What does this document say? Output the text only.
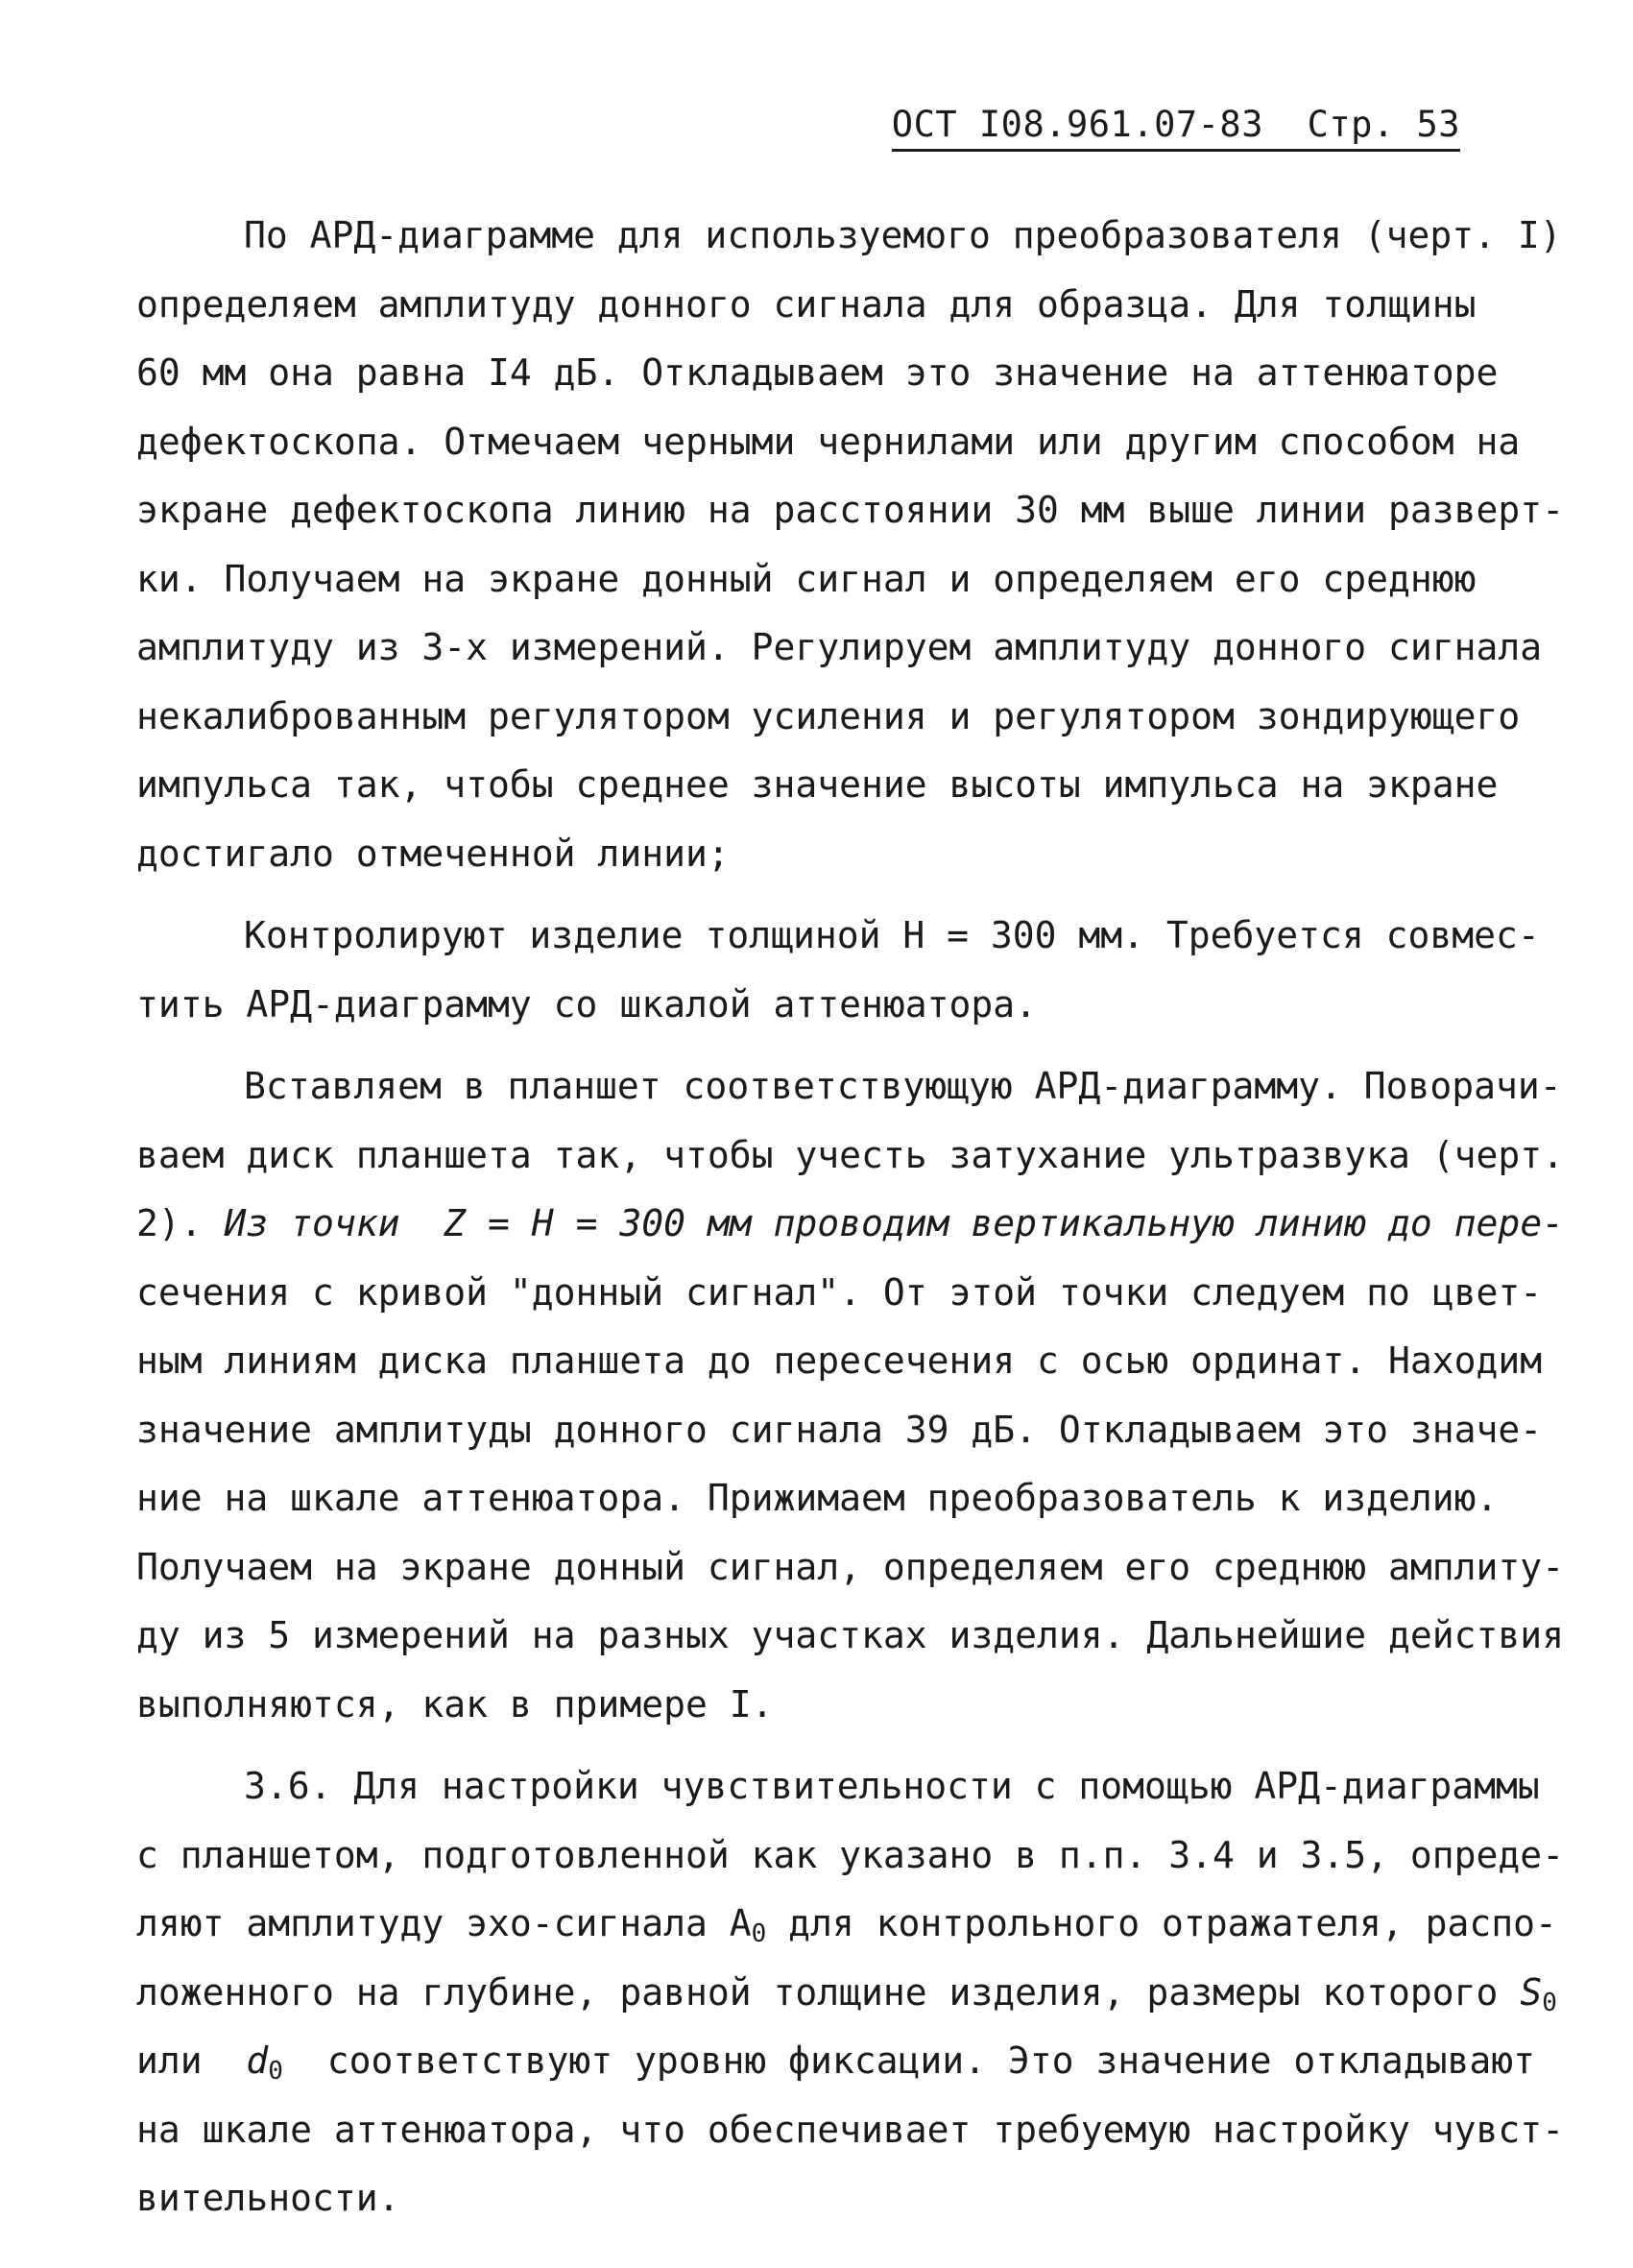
ОСТ I08.961.07-83 Стр. 53
По АРД-диаграмме для используемого преобразователя (черт. I)
определяем амплитуду донного сигнала для образца. Для толщины
60 мм она равна I4 дБ. Откладываем это значение на аттенюаторе
дефектоскопа. Отмечаем черными чернилами или другим способом на
экране дефектоскопа линию на расстоянии 30 мм выше линии разверт-
ки. Получаем на экране донный сигнал и определяем его среднюю
амплитуду из 3-х измерений. Регулируем амплитуду донного сигнала
некалиброванным регулятором усиления и регулятором зондирующего
импульса так, чтобы среднее значение высоты импульса на экране
достигало отмеченной линии;
Контролируют изделие толщиной Н = 300 мм. Требуется совмес-
тить АРД-диаграмму со шкалой аттенюатора.
Вставляем в планшет соответствующую АРД-диаграмму. Поворачи-
ваем диск планшета так, чтобы учесть затухание ультразвука (черт.
2). Из точки  Z = Н = 300 мм проводим вертикальную линию до пере-
сечения с кривой "донный сигнал". От этой точки следуем по цвет-
ным линиям диска планшета до пересечения с осью ординат. Находим
значение амплитуды донного сигнала 39 дБ. Откладываем это значе-
ние на шкале аттенюатора. Прижимаем преобразователь к изделию.
Получаем на экране донный сигнал, определяем его среднюю амплиту-
ду из 5 измерений на разных участках изделия. Дальнейшие действия
выполняются, как в примере I.
3.6. Для настройки чувствительности с помощью АРД-диаграммы
с планшетом, подготовленной как указано в п.п. 3.4 и 3.5, опреде-
ляют амплитуду эхо-сигнала $А_0$ для контрольного отражателя, распо-
ложенного на глубине, равной толщине изделия, размеры которого $S_0$
или  $d_0$  соответствуют уровню фиксации. Это значение откладывают
на шкале аттенюатора, что обеспечивает требуемую настройку чувст-
вительности.
